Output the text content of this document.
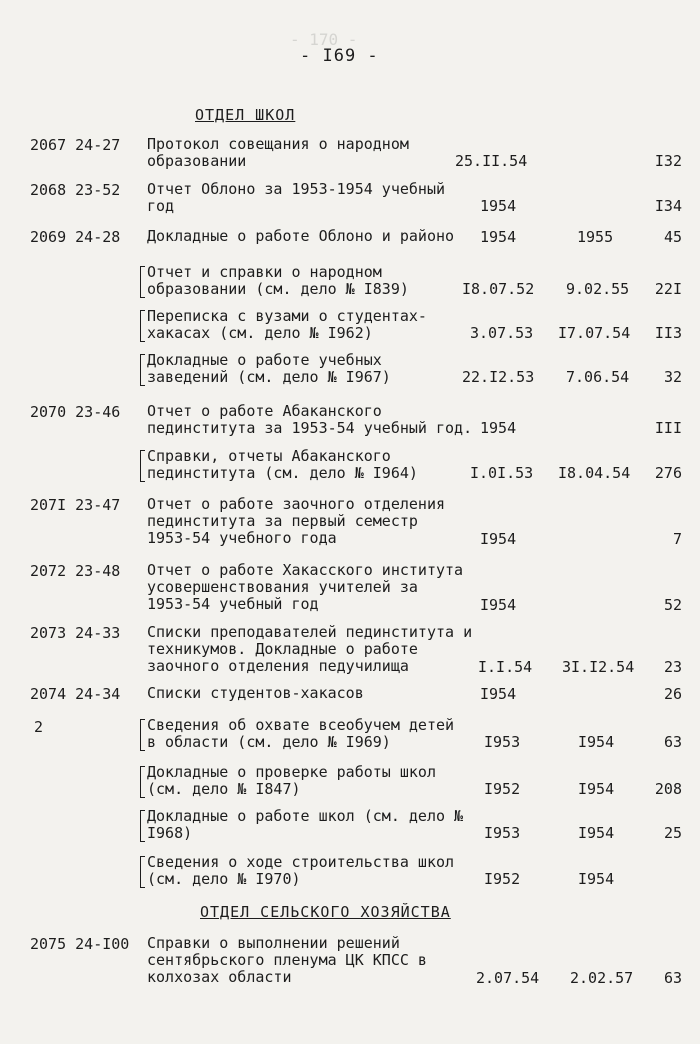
- 170 -
- I69 -
ОТДЕЛ ШКОЛ
2067 24-27 Протокол совещания о народном образовании	25.II.54	I32
2068 23-52 Отчет Облоно за 1953-1954 учебный год	1954	I34
2069 24-28 Докладные о работе Облоно и районо	1954	1955	45
Отчет и справки о народном образовании (см. дело № I839)	I8.07.52 9.02.55 22I
Переписка с вузами о студентах-хакасах (см. дело № I962)	3.07.53 I7.07.54 II3
Докладные о работе учебных заведений (см. дело № I967)	22.I2.53 7.06.54 32
2070 23-46 Отчет о работе Абаканского пединститута за 1953-54 учебный год. 1954	III
Справки, отчеты Абаканского пединститута (см. дело № I964)	I.0I.53 I8.04.54 276
207I 23-47 Отчет о работе заочного отделения пединститута за первый семестр 1953-54 учебного года	I954	7
2072 23-48 Отчет о работе Хакасского института усовершенствования учителей за 1953-54 учебный год	I954	52
2073 24-33 Списки преподавателей пединститута и техникумов. Докладные о работе заочного отделения педучилища	I.I.54 3I.I2.54 23
2074 24-34 Списки студентов-хакасов	I954	26
2	Сведения об охвате всеобучем детей в области (см. дело № I969)	I953	I954	63
Докладные о проверке работы школ (см. дело № I847)	I952	I954	208
Докладные о работе школ (см. дело № I968)	I953	I954	25
Сведения о ходе строительства школ (см. дело № I970)	I952	I954
ОТДЕЛ СЕЛЬСКОГО ХОЗЯЙСТВА
2075 24-I00 Справки о выполнении решений сентябрьского пленума ЦК КПСС в колхозах области	2.07.54 2.02.57 63
